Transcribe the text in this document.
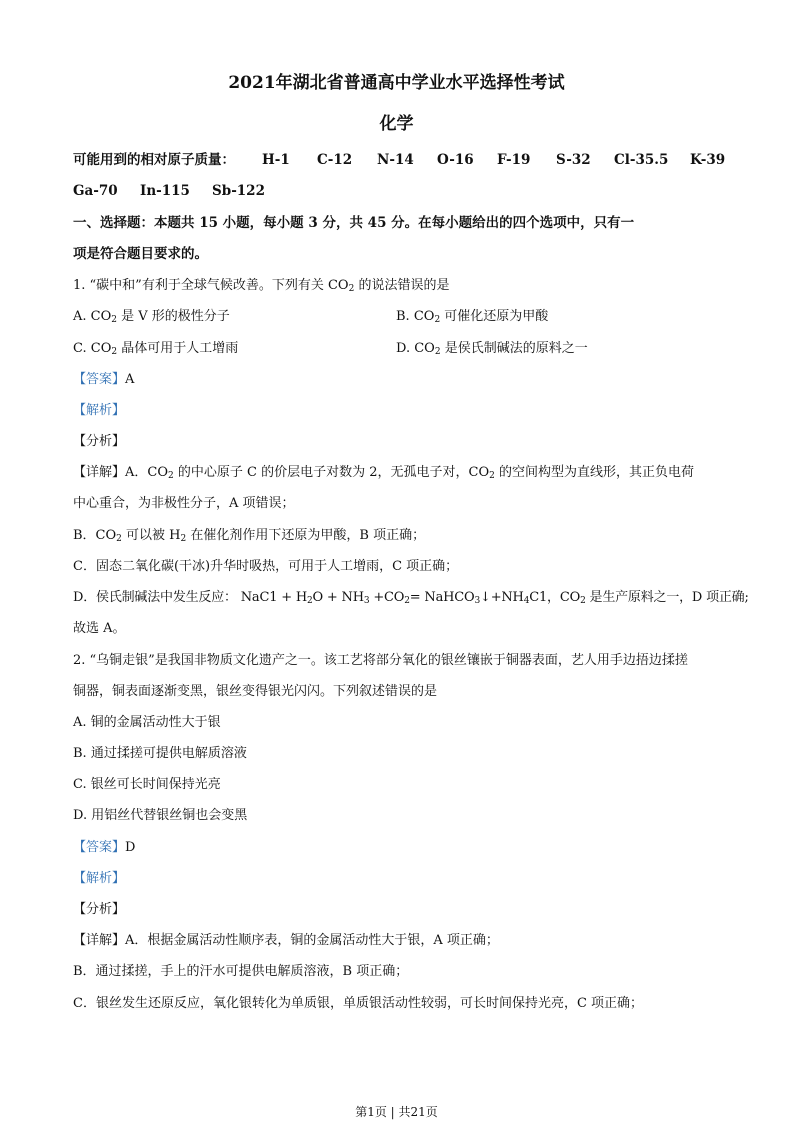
2021年湖北省普通高中学业水平选择性考试
化学
可能用到的相对原子质量： H-1 C-12 N-14 O-16 F-19 S-32 Cl-35.5 K-39
Ga-70 In-115 Sb-122
一、选择题：本题共 15 小题，每小题 3 分，共 45 分。在每小题给出的四个选项中，只有一
项是符合题目要求的。
1. “碳中和”有利于全球气候改善。下列有关 $CO_2$ 的说法错误的是
A. $CO_2$ 是 V 形的极性分子	B. $CO_2$ 可催化还原为甲酸
C. $CO_2$ 晶体可用于人工增雨	D. $CO_2$ 是侯氏制碱法的原料之一
【答案】A
【解析】
【分析】
【详解】A．$CO_2$ 的中心原子 C 的价层电子对数为 2，无孤电子对，$CO_2$ 的空间构型为直线形，其正负电荷
中心重合，为非极性分子，A 项错误；
B．$CO_2$ 可以被 $H_2$ 在催化剂作用下还原为甲酸，B 项正确；
C．固态二氧化碳(干冰)升华时吸热，可用于人工增雨，C 项正确；
D．侯氏制碱法中发生反应： $NaC1 + H_2O + NH_3 +CO_2=$ $NaHCO_3↓+NH_4C1$，$CO_2$ 是生产原料之一，D 项正确;
故选 A。
2. “乌铜走银”是我国非物质文化遗产之一。该工艺将部分氧化的银丝镶嵌于铜器表面，艺人用手边捂边揉搓
铜器，铜表面逐渐变黑，银丝变得银光闪闪。下列叙述错误的是
A. 铜的金属活动性大于银
B. 通过揉搓可提供电解质溶液
C. 银丝可长时间保持光亮
D. 用铝丝代替银丝铜也会变黑
【答案】D
【解析】
【分析】
【详解】A．根据金属活动性顺序表，铜的金属活动性大于银，A 项正确；
B．通过揉搓，手上的汗水可提供电解质溶液，B 项正确；
C．银丝发生还原反应，氧化银转化为单质银，单质银活动性较弱，可长时间保持光亮，C 项正确；
第1页 | 共21页
